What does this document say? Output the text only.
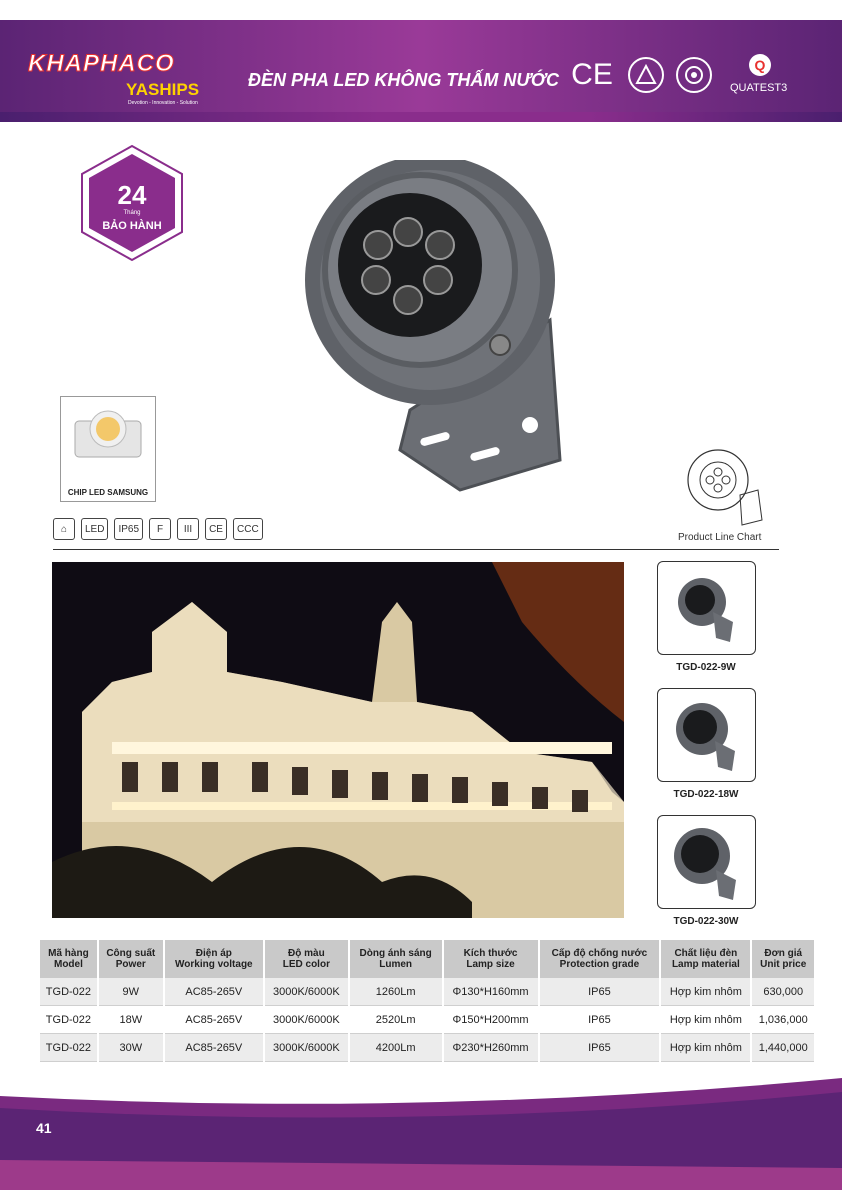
KHAPHACO
YASHIPS
Devotion - Innovation - Solution
ĐÈN PHA LED KHÔNG THẤM NƯỚC CE	Q
QUATEST3
24
Tháng
BẢO HÀNH
CHIP LED SAMSUNG
⌂	LED	IP65	F	III	CE	CCC
Product Line Chart
TGD-022-9W
TGD-022-18W
TGD-022-30W
Mã hàng
Model	Công suất
Power	Điện áp
Working voltage	Độ màu
LED color	Dòng ánh sáng
Lumen	Kích thước
Lamp size	Cấp độ chống nước
Protection grade	Chất liệu đèn
Lamp material	Đơn giá
Unit price
TGD-022	9W	AC85-265V	3000K/6000K	1260Lm	Φ130*H160mm	IP65	Hợp kim nhôm	630,000
TGD-022	18W	AC85-265V	3000K/6000K	2520Lm	Φ150*H200mm	IP65	Hợp kim nhôm	1,036,000
TGD-022	30W	AC85-265V	3000K/6000K	4200Lm	Φ230*H260mm	IP65	Hợp kim nhôm	1,440,000
41
